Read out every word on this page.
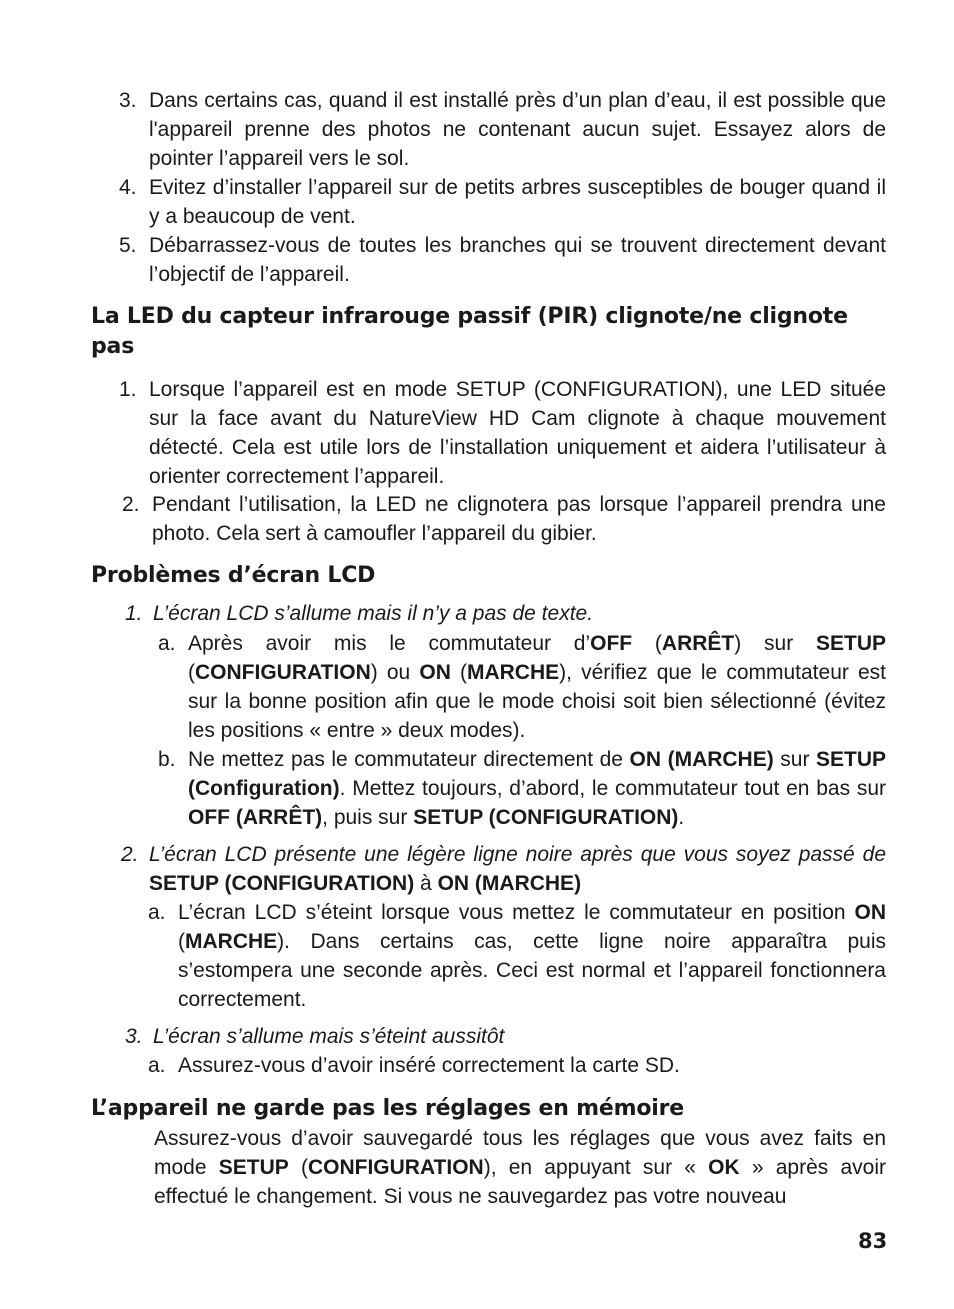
3. Dans certains cas, quand il est installé près d’un plan d’eau, il est possible que l'appareil prenne des photos ne contenant aucun sujet. Essayez alors de pointer l’appareil vers le sol.
4. Evitez d’installer l’appareil sur de petits arbres susceptibles de bouger quand il y a beaucoup de vent.
5. Débarrassez-vous de toutes les branches qui se trouvent directement devant l’objectif de l’appareil.
La LED du capteur infrarouge passif (PIR) clignote/ne clignote pas
1. Lorsque l’appareil est en mode SETUP (CONFIGURATION), une LED située sur la face avant du NatureView HD Cam clignote à chaque mouvement détecté. Cela est utile lors de l’installation uniquement et aidera l’utilisateur à orienter correctement l’appareil.
2. Pendant l’utilisation, la LED ne clignotera pas lorsque l’appareil prendra une photo. Cela sert à camoufler l’appareil du gibier.
Problèmes d’écran LCD
1. L’écran LCD s’allume mais il n’y a pas de texte.
a. Après avoir mis le commutateur d’OFF (ARRÊT) sur SETUP (CONFIGURATION) ou ON (MARCHE), vérifiez que le commutateur est sur la bonne position afin que le mode choisi soit bien sélectionné (évitez les positions « entre » deux modes).
b. Ne mettez pas le commutateur directement de ON (MARCHE) sur SETUP (Configuration). Mettez toujours, d’abord, le commutateur tout en bas sur OFF (ARRÊT), puis sur SETUP (CONFIGURATION).
2. L’écran LCD présente une légère ligne noire après que vous soyez passé de SETUP (CONFIGURATION) à ON (MARCHE)
a. L’écran LCD s’éteint lorsque vous mettez le commutateur en position ON (MARCHE). Dans certains cas, cette ligne noire apparaîtra puis s’estompera une seconde après. Ceci est normal et l’appareil fonctionnera correctement.
3. L’écran s’allume mais s’éteint aussitôt
a. Assurez-vous d’avoir inséré correctement la carte SD.
L’appareil ne garde pas les réglages en mémoire
Assurez-vous d’avoir sauvegardé tous les réglages que vous avez faits en mode SETUP (CONFIGURATION), en appuyant sur « OK » après avoir effectué le changement. Si vous ne sauvegardez pas votre nouveau
83
